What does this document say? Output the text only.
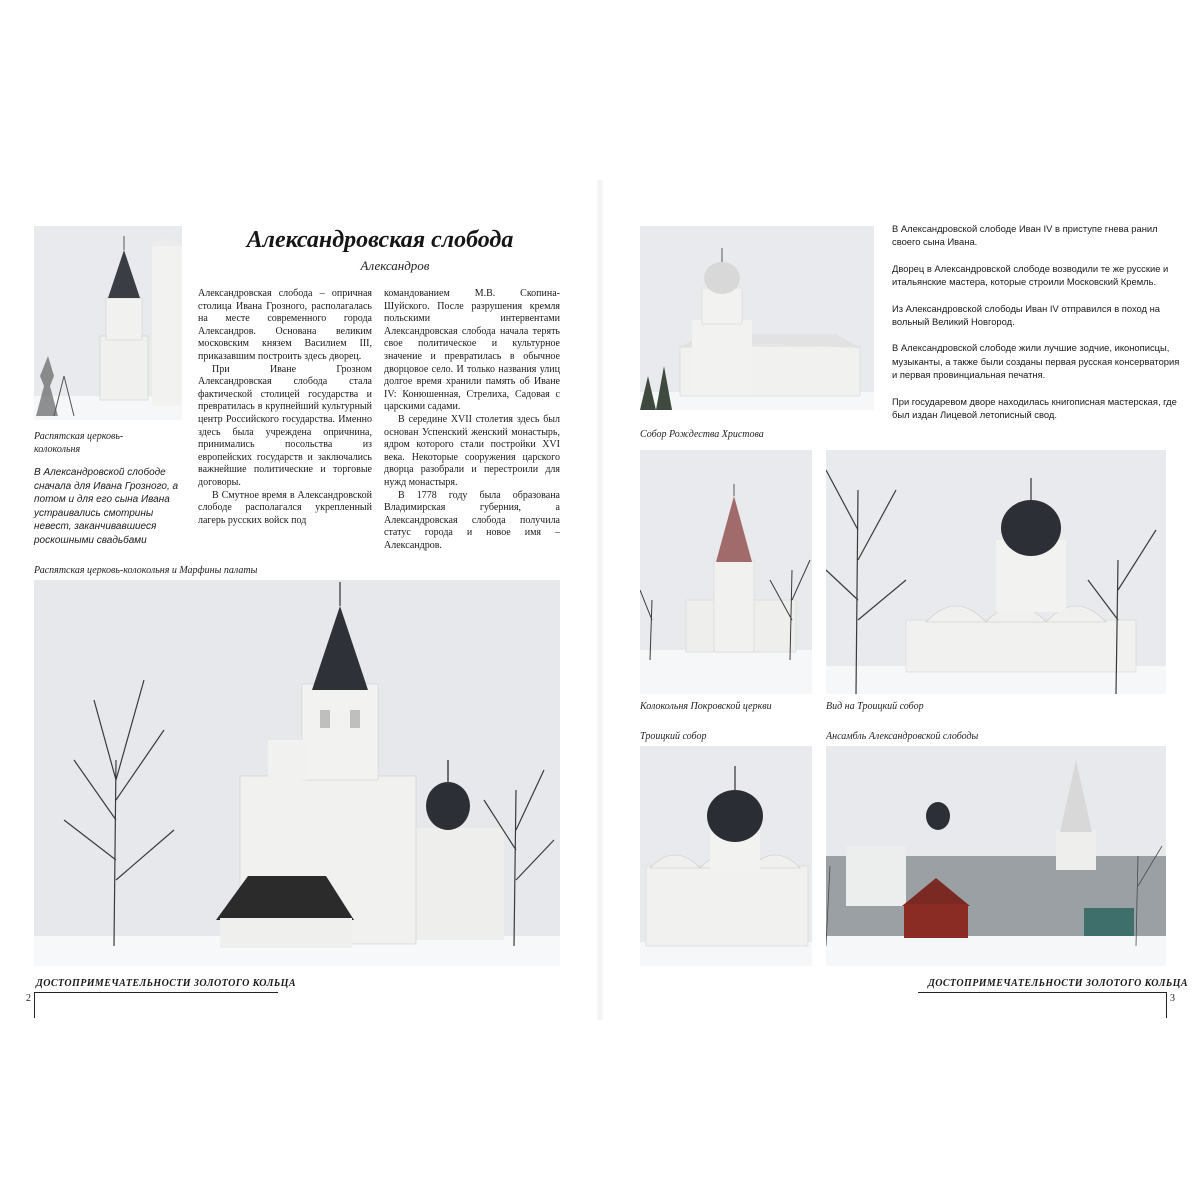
Распятская церковь-колокольня

В Александровской слободе сначала для Ивана Грозного, а потом и для его сына Ивана устраивались смотрины невест, заканчивавшиеся роскошными свадьбами

Александровская слобода

Александров

Александровская слобода – опричная столица Ивана Грозного, располагалась на месте современного города Александров. Основана великим московским князем Василием III, приказавшим построить здесь дворец.

При Иване Грозном Александровская слобода стала фактической столицей государства и превратилась в крупнейший культурный центр Российского государства. Именно здесь была учреждена опричнина, принимались посольства из европейских государств и заключались важнейшие политические и торговые договоры.

В Смутное время в Александровской слободе располагался укрепленный лагерь русских войск под

командованием М.В. Скопина-Шуйского. После разрушения кремля польскими интервентами Александровская слобода начала терять свое политическое и культурное значение и превратилась в обычное дворцовое село. И только названия улиц долгое время хранили память об Иване IV: Конюшенная, Стрелиха, Садовая с царскими садами.

В середине XVII столетия здесь был основан Успенский женский монастырь, ядром которого стали постройки XVI века. Некоторые сооружения царского дворца разобрали и перестроили для нужд монастыря.

В 1778 году была образована Владимирская губерния, а Александровская слобода получила статус города и новое имя – Александров.

Распятская церковь-колокольня и Марфины палаты

ДОСТОПРИМЕЧАТЕЛЬНОСТИ ЗОЛОТОГО КОЛЬЦА
2

Собор Рождества Христова

В Александровской слободе Иван IV в приступе гнева ранил своего сына Ивана.

Дворец в Александровской слободе возводили те же русские и итальянские мастера, которые строили Московский Кремль.

Из Александровской слободы Иван IV отправился в поход на вольный Великий Новгород.

В Александровской слободе жили лучшие зодчие, иконописцы, музыканты, а также были созданы первая русская консерватория и первая провинциальная печатня.

При государевом дворе находилась книгописная мастерская, где был издан Лицевой летописный свод.

Колокольня Покровской церкви	Вид на Троицкий собор

Троицкий собор	Ансамбль Александровской слободы

ДОСТОПРИМЕЧАТЕЛЬНОСТИ ЗОЛОТОГО КОЛЬЦА
3
